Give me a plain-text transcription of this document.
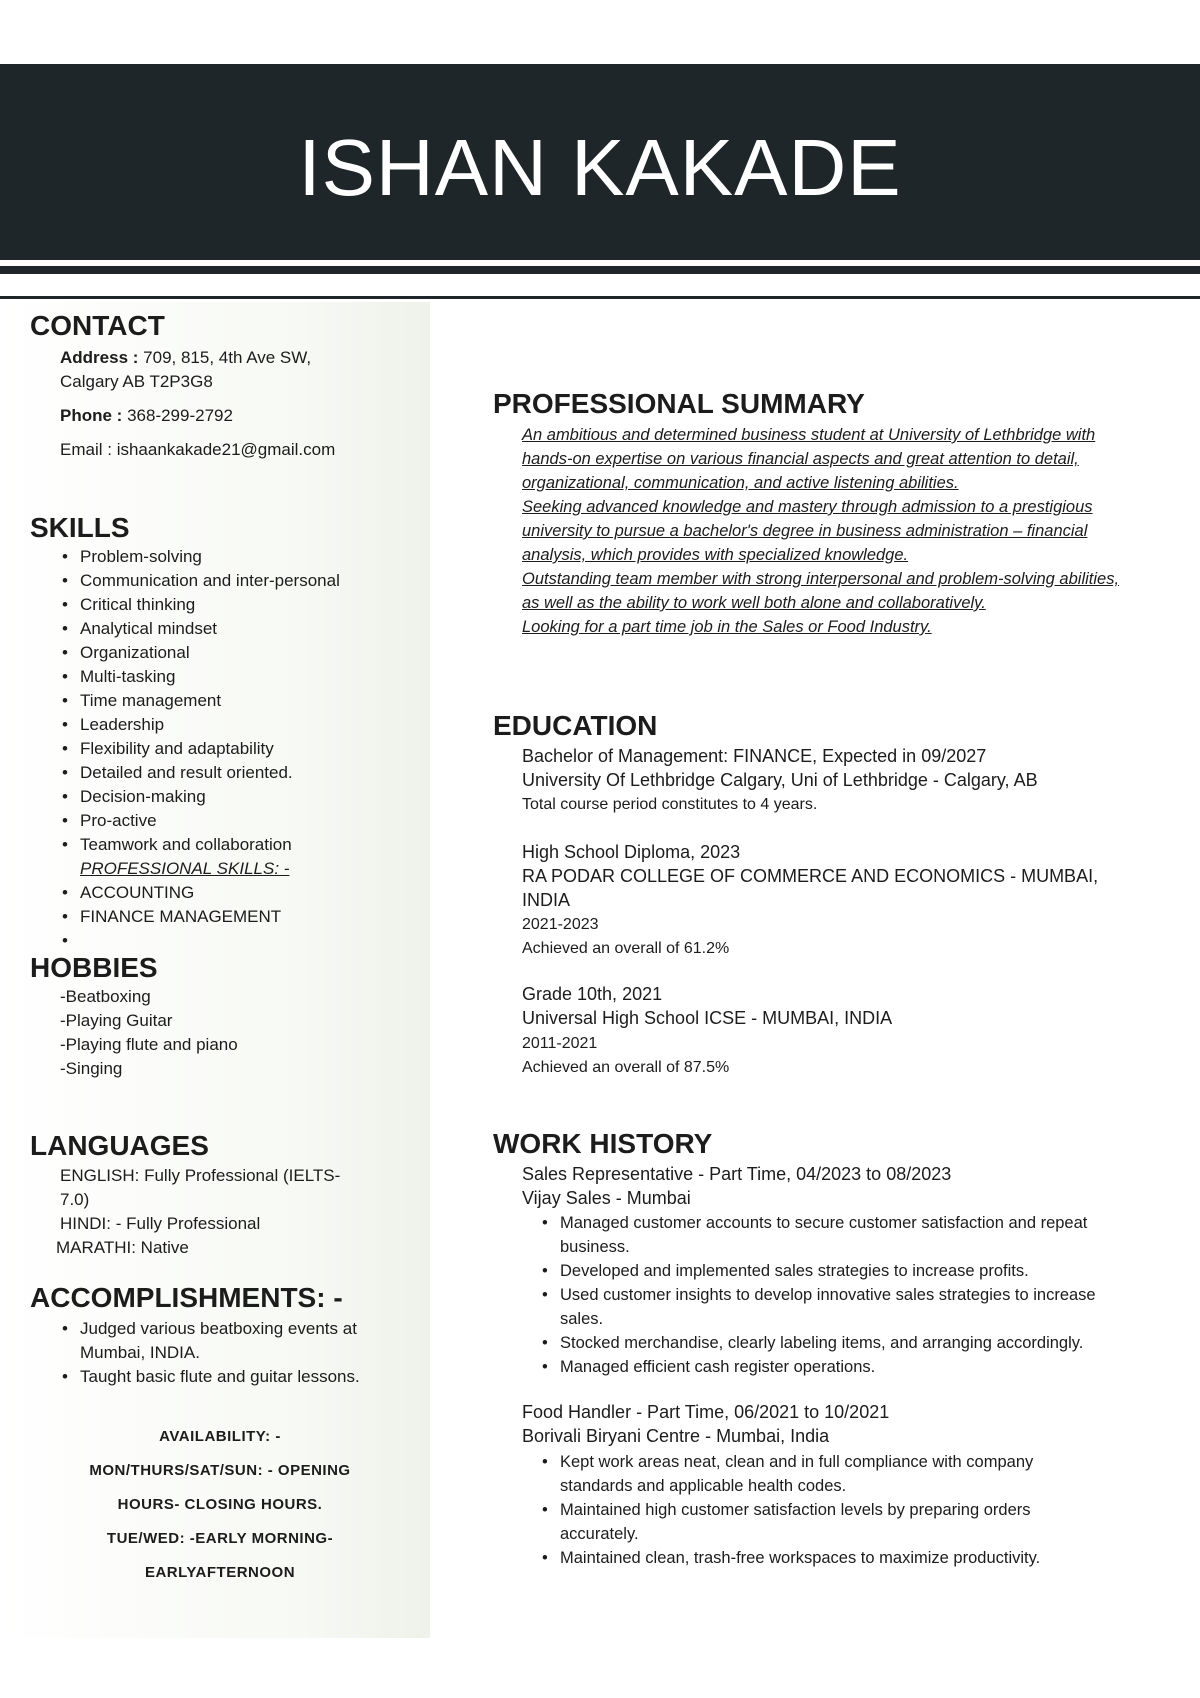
ISHAN KAKADE
CONTACT
Address : 709, 815, 4th Ave SW,
Calgary AB T2P3G8
Phone : 368-299-2792
Email : ishaankakade21@gmail.com
SKILLS
• Problem-solving
• Communication and inter-personal
• Critical thinking
• Analytical mindset
• Organizational
• Multi-tasking
• Time management
• Leadership
• Flexibility and adaptability
• Detailed and result oriented.
• Decision-making
• Pro-active
• Teamwork and collaboration
PROFESSIONAL SKILLS: -
• ACCOUNTING
• FINANCE MANAGEMENT
HOBBIES
-Beatboxing
-Playing Guitar
-Playing flute and piano
-Singing
LANGUAGES
ENGLISH: Fully Professional (IELTS-
7.0)
HINDI: - Fully Professional
MARATHI: Native
ACCOMPLISHMENTS: -
• Judged various beatboxing events at Mumbai, INDIA.
• Taught basic flute and guitar lessons.
AVAILABILITY: -
MON/THURS/SAT/SUN: - OPENING
HOURS- CLOSING HOURS.
TUE/WED: -EARLY MORNING-
EARLYAFTERNOON
PROFESSIONAL SUMMARY
An ambitious and determined business student at University of Lethbridge with hands-on expertise on various financial aspects and great attention to detail, organizational, communication, and active listening abilities.
Seeking advanced knowledge and mastery through admission to a prestigious university to pursue a bachelor's degree in business administration – financial analysis, which provides with specialized knowledge.
Outstanding team member with strong interpersonal and problem-solving abilities, as well as the ability to work well both alone and collaboratively.
Looking for a part time job in the Sales or Food Industry.
EDUCATION
Bachelor of Management: FINANCE, Expected in 09/2027
University Of Lethbridge Calgary, Uni of Lethbridge - Calgary, AB
Total course period constitutes to 4 years.
High School Diploma, 2023
RA PODAR COLLEGE OF COMMERCE AND ECONOMICS - MUMBAI, INDIA
2021-2023
Achieved an overall of 61.2%
Grade 10th, 2021
Universal High School ICSE - MUMBAI, INDIA
2011-2021
Achieved an overall of 87.5%
WORK HISTORY
Sales Representative - Part Time, 04/2023 to 08/2023
Vijay Sales - Mumbai
• Managed customer accounts to secure customer satisfaction and repeat business.
• Developed and implemented sales strategies to increase profits.
• Used customer insights to develop innovative sales strategies to increase sales.
• Stocked merchandise, clearly labeling items, and arranging accordingly.
• Managed efficient cash register operations.
Food Handler - Part Time, 06/2021 to 10/2021
Borivali Biryani Centre - Mumbai, India
• Kept work areas neat, clean and in full compliance with company standards and applicable health codes.
• Maintained high customer satisfaction levels by preparing orders accurately.
• Maintained clean, trash-free workspaces to maximize productivity.
